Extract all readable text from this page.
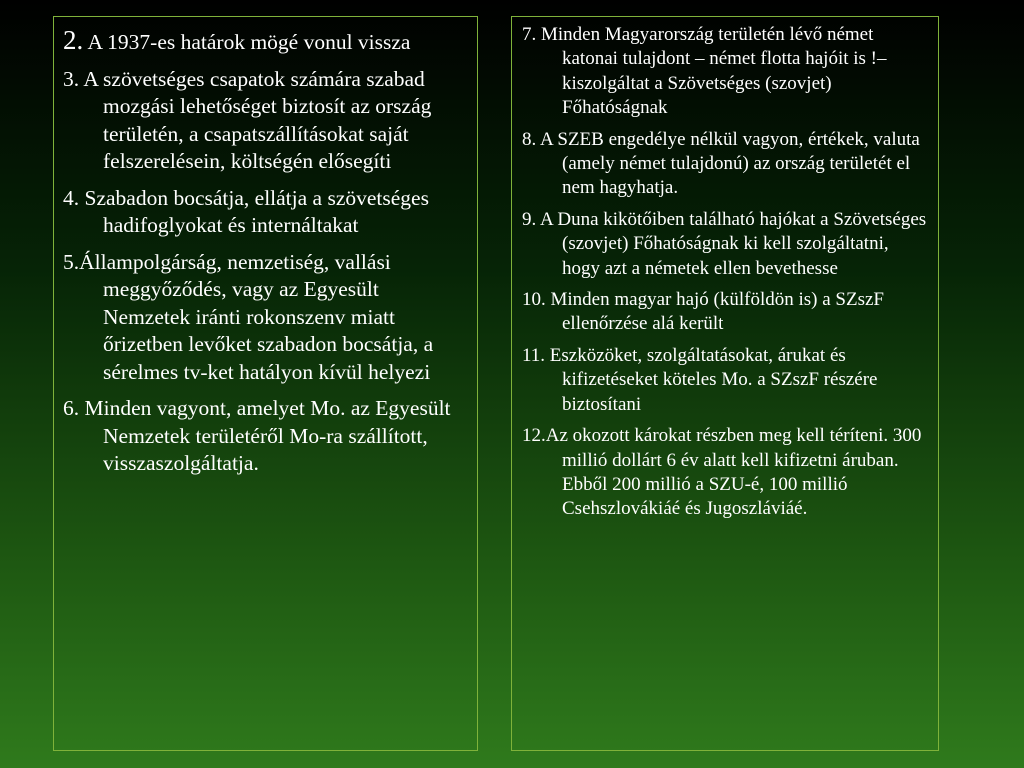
2. A 1937-es határok mögé vonul vissza

3. A szövetséges csapatok számára szabad mozgási lehetőséget biztosít az ország területén, a csapatszállításokat saját felszerelésein, költségén elősegíti

4. Szabadon bocsátja, ellátja a szövetséges hadifoglyokat és internáltakat

5.Állampolgárság, nemzetiség, vallási meggyőződés, vagy az Egyesült Nemzetek iránti rokonszenv miatt őrizetben levőket szabadon bocsátja, a sérelmes tv-ket hatályon kívül helyezi

6. Minden vagyont, amelyet Mo. az Egyesült Nemzetek területéről Mo-ra szállított, visszaszolgáltatja.

7. Minden Magyarország területén lévő német katonai tulajdont – német flotta hajóit is !– kiszolgáltat a Szövetséges (szovjet) Főhatóságnak

8. A SZEB engedélye nélkül vagyon, értékek, valuta (amely német tulajdonú) az ország területét el nem hagyhatja.

9. A Duna kikötőiben található hajókat a Szövetséges (szovjet) Főhatóságnak ki kell szolgáltatni, hogy azt a németek ellen bevethesse

10. Minden magyar hajó (külföldön is) a SZszF ellenőrzése alá került

11. Eszközöket, szolgáltatásokat, árukat és kifizetéseket köteles Mo. a SZszF részére biztosítani

12.Az okozott károkat részben meg kell téríteni. 300 millió dollárt 6 év alatt kell kifizetni áruban. Ebből 200 millió a SZU-é, 100 millió Csehszlovákiáé és Jugoszláviáé.
